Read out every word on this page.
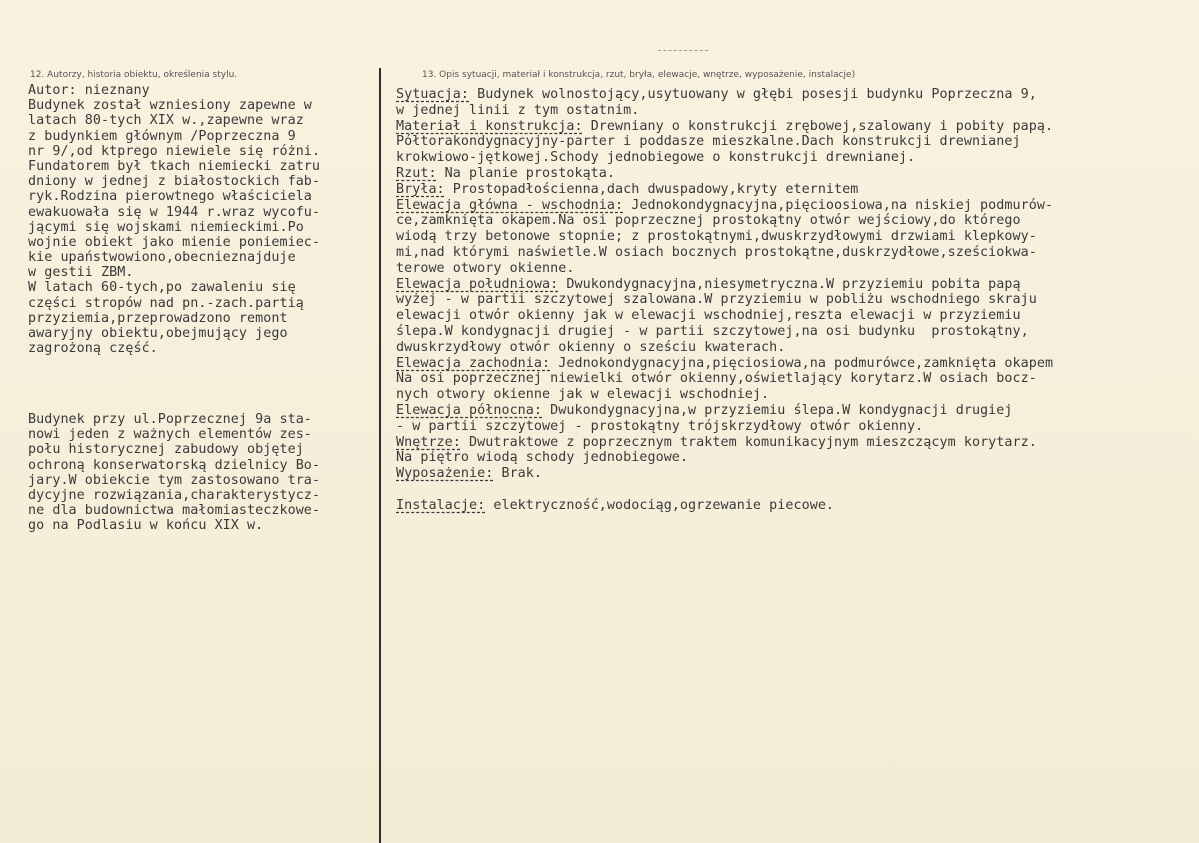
12. Autorzy, historia obiektu, określenia stylu.	13. Opis sytuacji, materiał i konstrukcja, rzut, bryła, elewacje, wnętrze, wyposażenie, instalacje)
Autor: nieznany
Budynek został wzniesiony zapewne w
latach 80-tych XIX w.,zapewne wraz
z budynkiem głównym /Poprzeczna 9
nr 9/,od ktprego niewiele się różni.
Fundatorem był tkach niemiecki zatru
dniony w jednej z białostockich fab-
ryk.Rodzina pierowtnego właściciela
ewakuowała się w 1944 r.wraz wycofu-
jącymi się wojskami niemieckimi.Po
wojnie obiekt jako mienie poniemiec-
kie upaństwowiono,obecnieznajduje
w gestii ZBM.
W latach 60-tych,po zawaleniu się
części stropów nad pn.-zach.partią
przyziemia,przeprowadzono remont
awaryjny obiektu,obejmujący jego
zagrożoną część.
Budynek przy ul.Poprzecznej 9a sta-
nowi jeden z ważnych elementów zes-
połu historycznej zabudowy objętej
ochroną konserwatorską dzielnicy Bo-
jary.W obiekcie tym zastosowano tra-
dycyjne rozwiązania,charakterystycz-
ne dla budownictwa małomiasteczkowe-
go na Podlasiu w końcu XIX w.
Sytuacja: Budynek wolnostojący,usytuowany w głębi posesji budynku Poprzeczna 9,
w jednej linii z tym ostatnim.
Materiał i konstrukcja: Drewniany o konstrukcji zrębowej,szalowany i pobity papą.
Półtorakondygnacyjny-parter i poddasze mieszkalne.Dach konstrukcji drewnianej
krokwiowo-jętkowej.Schody jednobiegowe o konstrukcji drewnianej.
Rzut: Na planie prostokąta.
Bryła: Prostopadłościenna,dach dwuspadowy,kryty eternitem
Elewacja główna - wschodnia: Jednokondygnacyjna,pięcioosiowa,na niskiej podmurów-
ce,zamknięta okapem.Na osi poprzecznej prostokątny otwór wejściowy,do którego
wiodą trzy betonowe stopnie; z prostokątnymi,dwuskrzydłowymi drzwiami klepkowy-
mi,nad którymi naświetle.W osiach bocznych prostokątne,duskrzydłowe,sześciokwa-
terowe otwory okienne.
Elewacja południowa: Dwukondygnacyjna,niesymetryczna.W przyziemiu pobita papą
wyżej - w partii szczytowej szalowana.W przyziemiu w pobliżu wschodniego skraju
elewacji otwór okienny jak w elewacji wschodniej,reszta elewacji w przyziemiu
ślepa.W kondygnacji drugiej - w partii szczytowej,na osi budynku  prostokątny,
dwuskrzydłowy otwór okienny o sześciu kwaterach.
Elewacja zachodnia: Jednokondygnacyjna,pięciosiowa,na podmurówce,zamknięta okapem
Na osi poprzecznej niewielki otwór okienny,oświetlający korytarz.W osiach bocz-
nych otwory okienne jak w elewacji wschodniej.
Elewacja północna: Dwukondygnacyjna,w przyziemiu ślepa.W kondygnacji drugiej
- w partii szczytowej - prostokątny trójskrzydłowy otwór okienny.
Wnętrze: Dwutraktowe z poprzecznym traktem komunikacyjnym mieszczącym korytarz.
Na piętro wiodą schody jednobiegowe.
Wyposażenie: Brak.
Instalacje: elektryczność,wodociąg,ogrzewanie piecowe.
